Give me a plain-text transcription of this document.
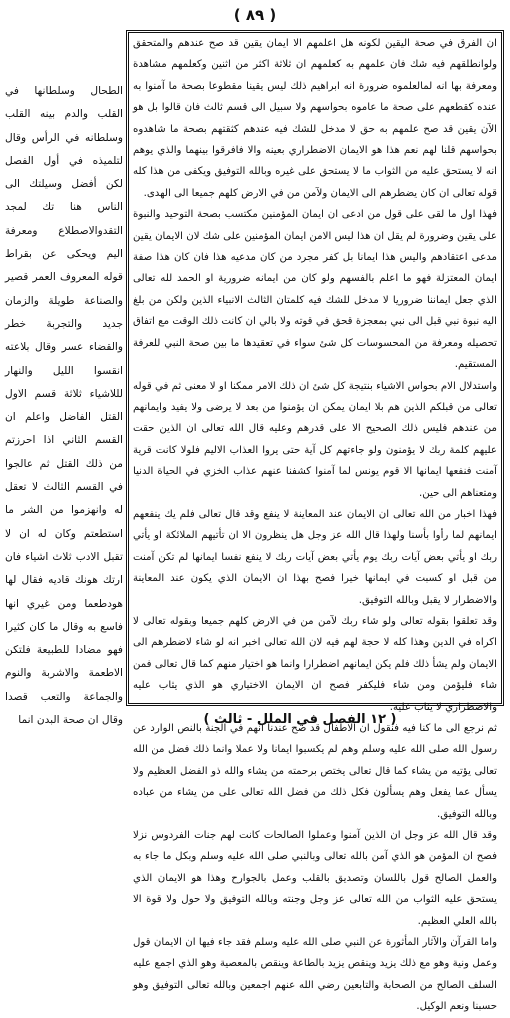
( ٨٩ )
الطحال وسلطانها في القلب والدم بينه القلب وسلطانه في الرأس وقال لتلميذه في أول الفصل لكن أفضل وسيلتك الى الناس هنا تك لمجد التقدوالاصطلاع ومعرفة اليم ويحكى عن بقراط قوله المعروف العمر قصير والصناعة طويلة والزمان جديد والتجربة خطر والقضاء عسر وقال بلاعته انقسوا الليل والنهار لللاشياء ثلاثة قسم الاول القتل الفاضل واعلم ان القسم الثاني اذا احرزتم من ذلك القتل ثم عالجوا في القسم الثالث لا تعقل له وانهزموا من الشر ما استطعتم وكان له ان لا تقبل الادب ثلاث اشياء فان ارتك هونك قاديه فقال لها هودطعما ومن غيري انها فاسع به وقال ما كان كثيرا فهو مضادا للطبيعة فلتكن الاطعمة والاشربة والنوم والجماعة والتعب قصدا وقال ان صحة البدن انما

ان الفرق في صحة اليقين لكونه هل اعلمهم الا ايمان يقين قد صح عندهم والمتحقق ولوانطلقهم فيه شك فان علمهم به كعلمهم ان ثلاثة اكثر من اثنين وكعلمهم مشاهدة ومعرفة بها انه لمالعلموه ضرورة انه ابراهيم ذلك ليس يقينا مقطوعا بصحة ما آمنوا به عنده كقطعهم على صحة ما عاموه بحواسهم ولا سبيل الى قسم ثالث فان قالوا بل هو الآن يقين قد صح علمهم به حق لا مدخل للشك فيه عندهم كثقتهم بصحة ما شاهدوه بحواسهم قلنا لهم نعم هذا هو الايمان الاضطراري بعينه والا فافرقوا بينهما والذي يوهم انه لا يستحق عليه من الثواب ما لا يستحق على غيره وبالله التوفيق ويكفى من هذا كله قوله تعالى ان كان يضطرهم الى الايمان ولآمن من في الارض كلهم جميعا الى الهدى.

فهذا اول ما لقى على قول من ادعى ان ايمان المؤمنين مكتسب بصحة التوحيد والنبوة على يقين وضرورة لم يقل ان هذا ليس الامن ايمان المؤمنين على شك لان الايمان يقين مدعى اعتقادهم واليس هذا ايمانا بل كفر مجرد من كان مدعيه هذا فان كان هذا صفة ايمان المعتزلة فهو ما اعلم بالفسهم ولو كان من ايمانه ضرورية او الحمد لله تعالى الذي جعل ايماننا ضروريا لا مدخل للشك فيه كلمتان الثالث الانبياء الذين ولكن من بلغ اليه نبوة نبي قبل الى نبي بمعجزة قحق في قوته ولا بالي ان كانت ذلك الوقت مع اتفاق تحصيله ومعرفة من المحسوسات كل شئ سواء في تعقيدها ما بين صحة النبي للعرفة المستقيم.

واستدلال الام بحواس الاشياء بنتيجة كل شئ ان ذلك الامر ممكنا او لا معنى ثم في قوله تعالى من قبلكم الذين هم بلا ايمان يمكن ان يؤمنوا من بعد لا يرضى ولا يفيد وايمانهم من عندهم فليس ذلك الصحيح الا على قدرهم وعليه قال الله تعالى ان الذين حقت عليهم كلمة ربك لا يؤمنون ولو جاءتهم كل آية حتى يروا العذاب الاليم فلولا كانت قرية آمنت فنفعها ايمانها الا قوم يونس لما آمنوا كشفنا عنهم عذاب الخزي في الحياة الدنيا ومتعناهم الى حين.

فهذا اخبار من الله تعالى ان الايمان عند المعاينة لا ينفع وقد قال تعالى فلم يك ينفعهم ايمانهم لما رأوا بأسنا ولهذا قال الله عز وجل هل ينظرون الا ان تأتيهم الملائكة او يأتي ربك او يأتي بعض آيات ربك يوم يأتي بعض آيات ربك لا ينفع نفسا ايمانها لم تكن آمنت من قبل او كسبت في ايمانها خيرا فصح بهذا ان الايمان الذي يكون عند المعاينة والاضطرار لا يقبل وبالله التوفيق.

وقد تعلقوا بقوله تعالى ولو شاء ربك لآمن من في الارض كلهم جميعا وبقوله تعالى لا اكراه في الدين وهذا كله لا حجة لهم فيه لان الله تعالى اخبر انه لو شاء لاضطرهم الى الايمان ولم يشأ ذلك فلم يكن ايمانهم اضطرارا وانما هو اختيار منهم كما قال تعالى فمن شاء فليؤمن ومن شاء فليكفر فصح ان الايمان الاختياري هو الذي يثاب عليه والاضطراري لا يثاب عليه.

ثم نرجع الى ما كنا فيه فنقول ان الاطفال قد صح عندنا انهم في الجنة بالنص الوارد عن رسول الله صلى الله عليه وسلم وهم لم يكسبوا ايمانا ولا عملا وانما ذلك فضل من الله تعالى يؤتيه من يشاء كما قال تعالى يختص برحمته من يشاء والله ذو الفضل العظيم ولا يسأل عما يفعل وهم يسألون فكل ذلك من فضل الله تعالى على من يشاء من عباده وبالله التوفيق.

وقد قال الله عز وجل ان الذين آمنوا وعملوا الصالحات كانت لهم جنات الفردوس نزلا فصح ان المؤمن هو الذي آمن بالله تعالى وبالنبي صلى الله عليه وسلم وبكل ما جاء به والعمل الصالح قول باللسان وتصديق بالقلب وعمل بالجوارح وهذا هو الايمان الذي يستحق عليه الثواب من الله تعالى عز وجل وجنته وبالله التوفيق ولا حول ولا قوة الا بالله العلي العظيم.

واما القرآن والآثار المأثورة عن النبي صلى الله عليه وسلم فقد جاء فيها ان الايمان قول وعمل ونية وهو مع ذلك يزيد وينقص يزيد بالطاعة وينقص بالمعصية وهو الذي اجمع عليه السلف الصالح من الصحابة والتابعين رضي الله عنهم اجمعين وبالله تعالى التوفيق وهو حسبنا ونعم الوكيل.

( ١٢ الفصل في الملل - ثالث )
